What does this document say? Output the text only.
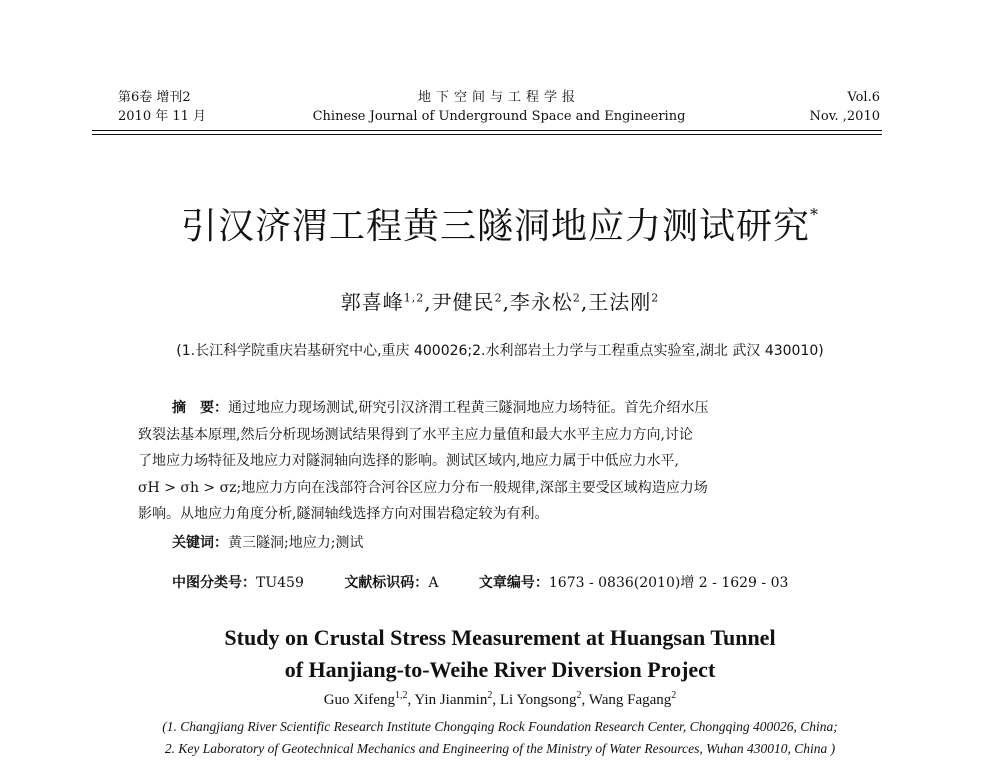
第6卷 增刊2
2010 年 11 月
地下空间与工程学报
Chinese Journal of Underground Space and Engineering
Vol.6
Nov. ,2010
引汉济渭工程黄三隧洞地应力测试研究*
郭喜峰$^{1,2}$,尹健民$^2$,李永松$^2$,王法刚$^2$
(1.长江科学院重庆岩基研究中心,重庆 400026;2.水利部岩土力学与工程重点实验室,湖北 武汉 430010)
摘　要：通过地应力现场测试,研究引汉济渭工程黄三隧洞地应力场特征。首先介绍水压
致裂法基本原理,然后分析现场测试结果得到了水平主应力量值和最大水平主应力方向,讨论
了地应力场特征及地应力对隧洞轴向选择的影响。测试区域内,地应力属于中低应力水平,
σH > σh > σz;地应力方向在浅部符合河谷区应力分布一般规律,深部主要受区域构造应力场
影响。从地应力角度分析,隧洞轴线选择方向对围岩稳定较为有利。
关键词：黄三隧洞;地应力;测试
中图分类号：TU459	文献标识码：A	文章编号：1673 - 0836(2010)增 2 - 1629 - 03
Study on Crustal Stress Measurement at Huangsan Tunnel
of Hanjiang-to-Weihe River Diversion Project
Guo Xifeng$^{1,2}$, Yin Jianmin$^2$, Li Yongsong$^2$, Wang Fagang$^2$
(1. Changjiang River Scientific Research Institute Chongqing Rock Foundation Research Center, Chongqing 400026, China;
2. Key Laboratory of Geotechnical Mechanics and Engineering of the Ministry of Water Resources, Wuhan 430010, China )
